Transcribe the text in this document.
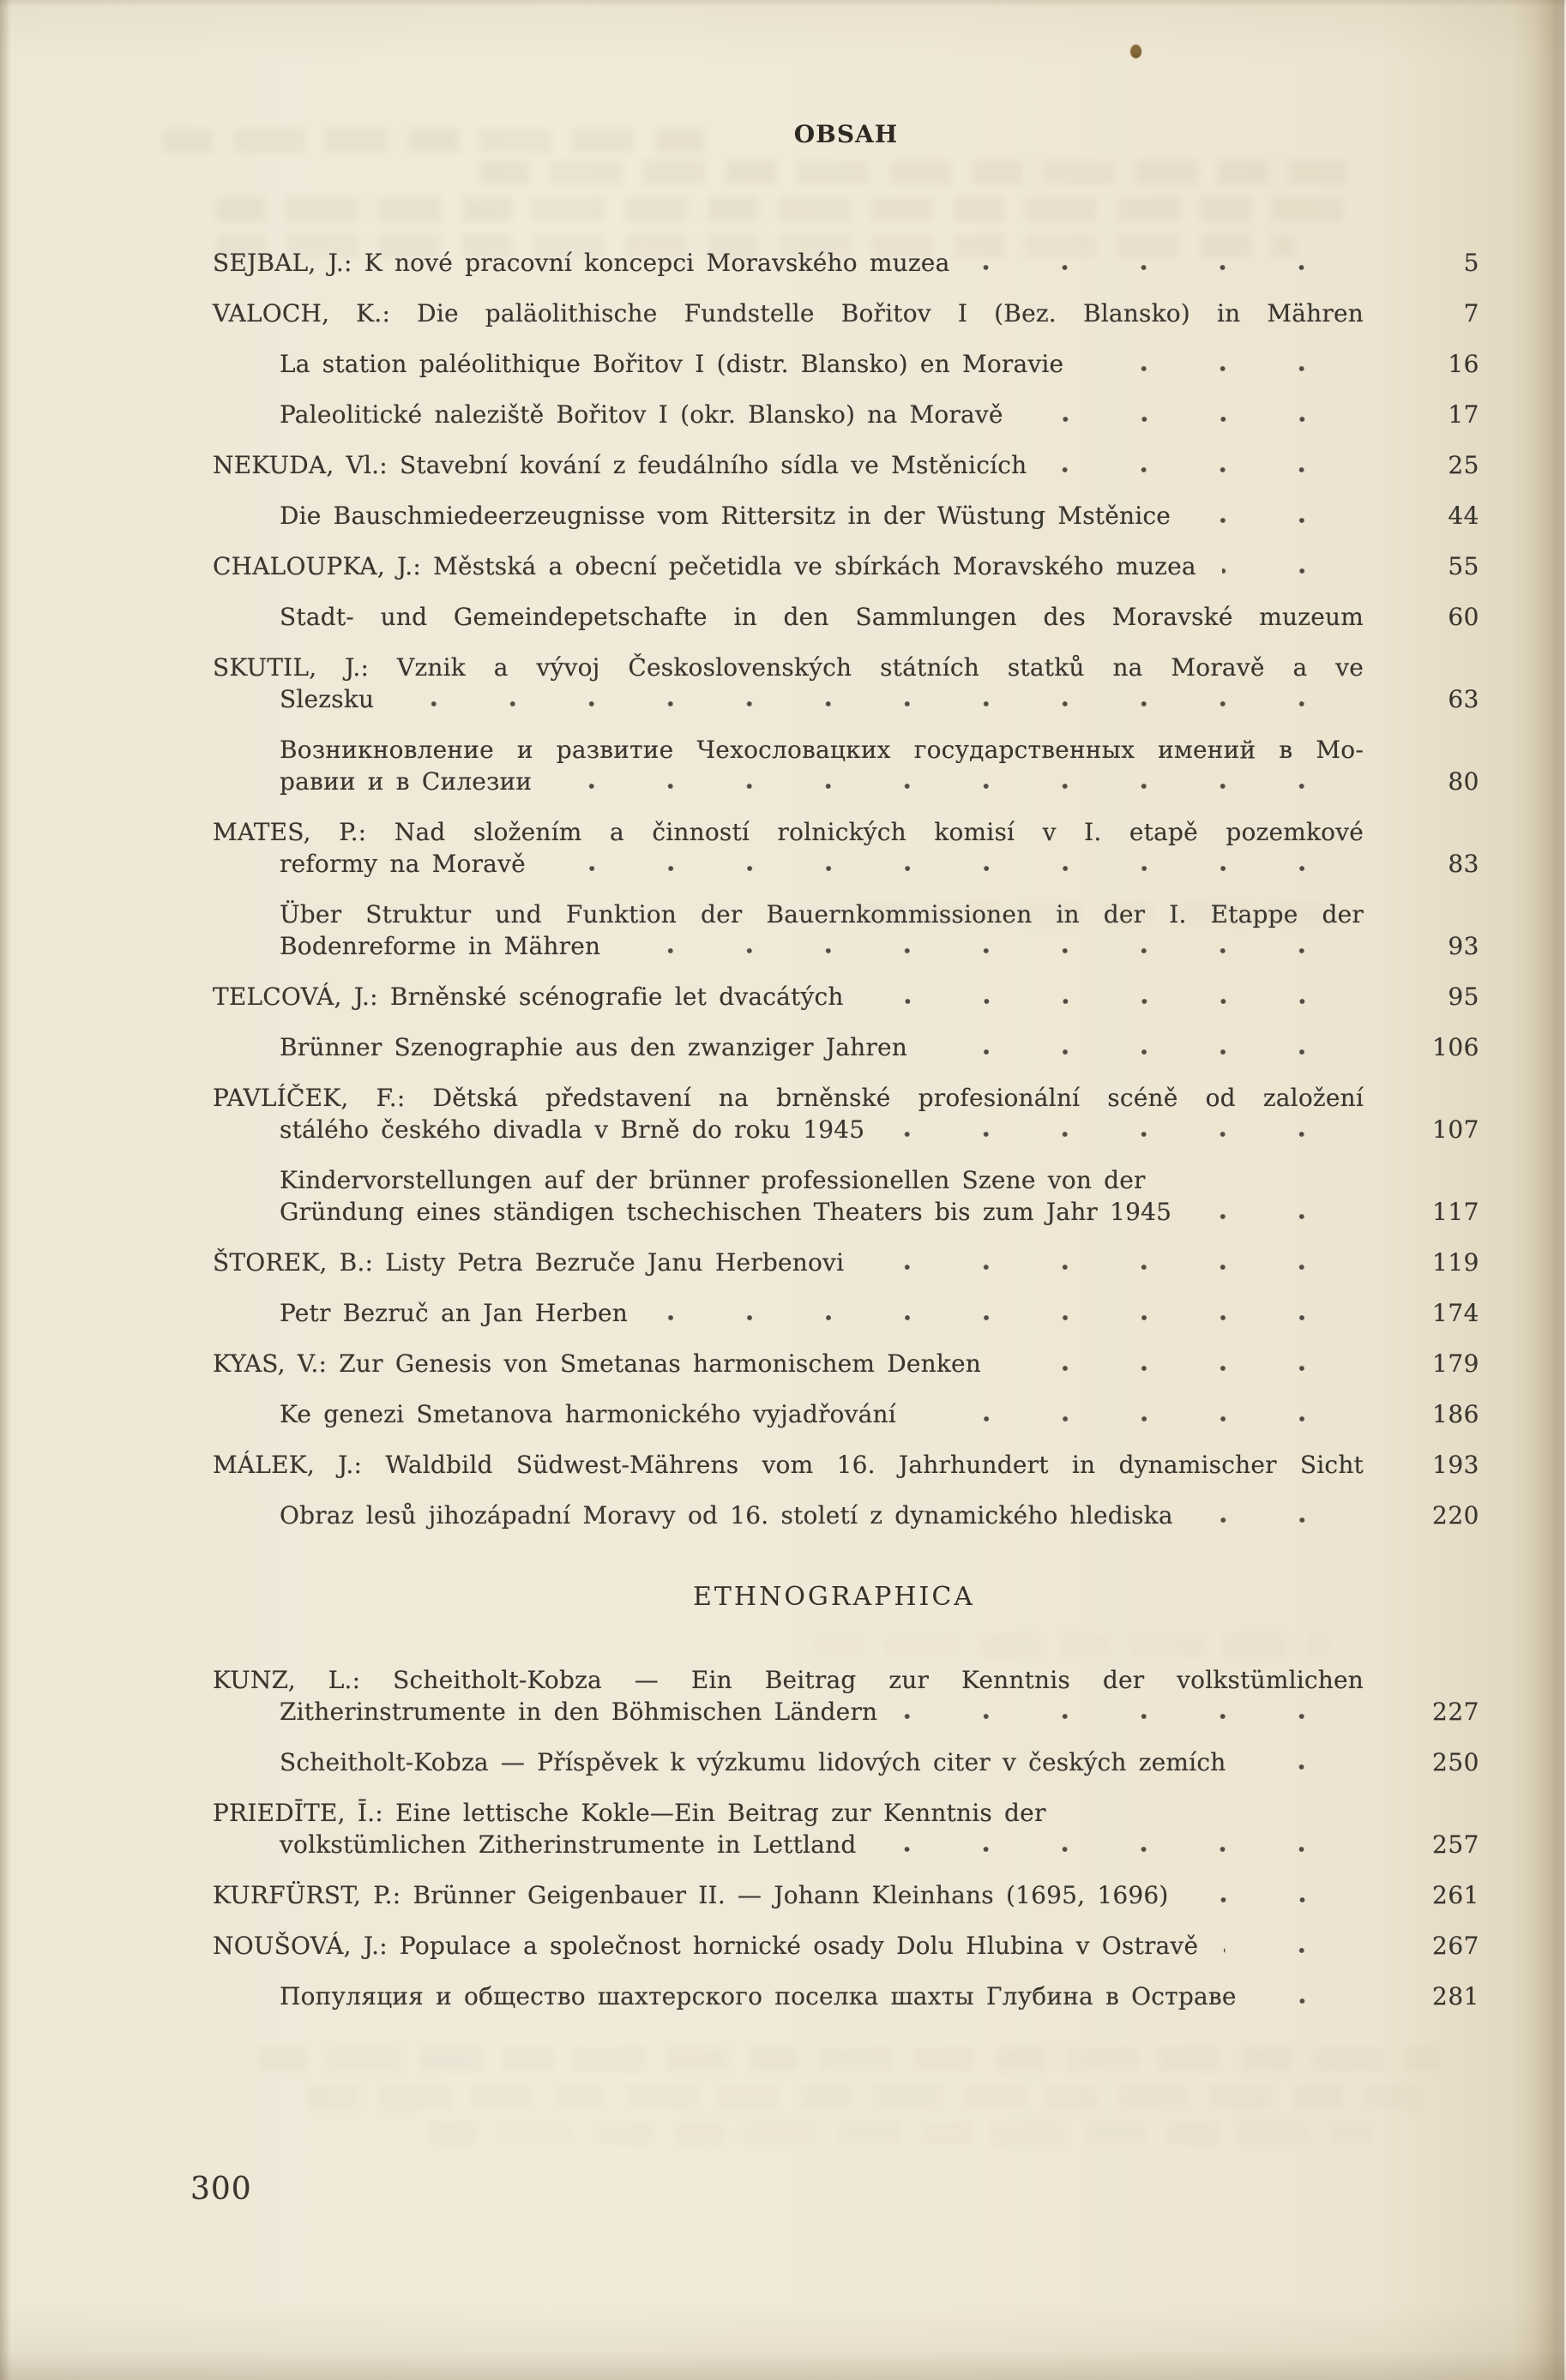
OBSAH
SEJBAL, J.: K nové pracovní koncepci Moravského muzea	5
VALOCH, K.: Die paläolithische Fundstelle Bořitov I (Bez. Blansko) in Mähren	7
La station paléolithique Bořitov I (distr. Blansko) en Moravie	16
Paleolitické naleziště Bořitov I (okr. Blansko) na Moravě	17
NEKUDA, Vl.: Stavební kování z feudálního sídla ve Mstěnicích	25
Die Bauschmiedeerzeugnisse vom Rittersitz in der Wüstung Mstěnice	44
CHALOUPKA, J.: Městská a obecní pečetidla ve sbírkách Moravského muzea	55
Stadt- und Gemeindepetschafte in den Sammlungen des Moravské muzeum	60
SKUTIL, J.: Vznik a vývoj Československých státních statků na Moravě a ve
Slezsku	63
Возникновление и развитие Чехословацких государственных имений в Мо-
равии и в Силезии	80
MATES, P.: Nad složením a činností rolnických komisí v I. etapě pozemkové
reformy na Moravě	83
Über Struktur und Funktion der Bauernkommissionen in der I. Etappe der
Bodenreforme in Mähren	93
TELCOVÁ, J.: Brněnské scénografie let dvacátých	95
Brünner Szenographie aus den zwanziger Jahren	106
PAVLÍČEK, F.: Dětská představení na brněnské profesionální scéně od založení
stálého českého divadla v Brně do roku 1945	107
Kindervorstellungen auf der brünner professionellen Szene von der
Gründung eines ständigen tschechischen Theaters bis zum Jahr 1945	117
ŠTOREK, B.: Listy Petra Bezruče Janu Herbenovi	119
Petr Bezruč an Jan Herben	174
KYAS, V.: Zur Genesis von Smetanas harmonischem Denken	179
Ke genezi Smetanova harmonického vyjadřování	186
MÁLEK, J.: Waldbild Südwest-Mährens vom 16. Jahrhundert in dynamischer Sicht	193
Obraz lesů jihozápadní Moravy od 16. století z dynamického hlediska	220
ETHNOGRAPHICA
KUNZ, L.: Scheitholt-Kobza — Ein Beitrag zur Kenntnis der volkstümlichen
Zitherinstrumente in den Böhmischen Ländern	227
Scheitholt-Kobza — Příspěvek k výzkumu lidových citer v českých zemích	250
PRIEDĪTE, Ī.: Eine lettische Kokle—Ein Beitrag zur Kenntnis der
volkstümlichen Zitherinstrumente in Lettland	257
KURFÜRST, P.: Brünner Geigenbauer II. — Johann Kleinhans (1695, 1696)	261
NOUŠOVÁ, J.: Populace a společnost hornické osady Dolu Hlubina v Ostravě	267
Популяция и общество шахтерского поселка шахты Глубина в Остраве	281
300
